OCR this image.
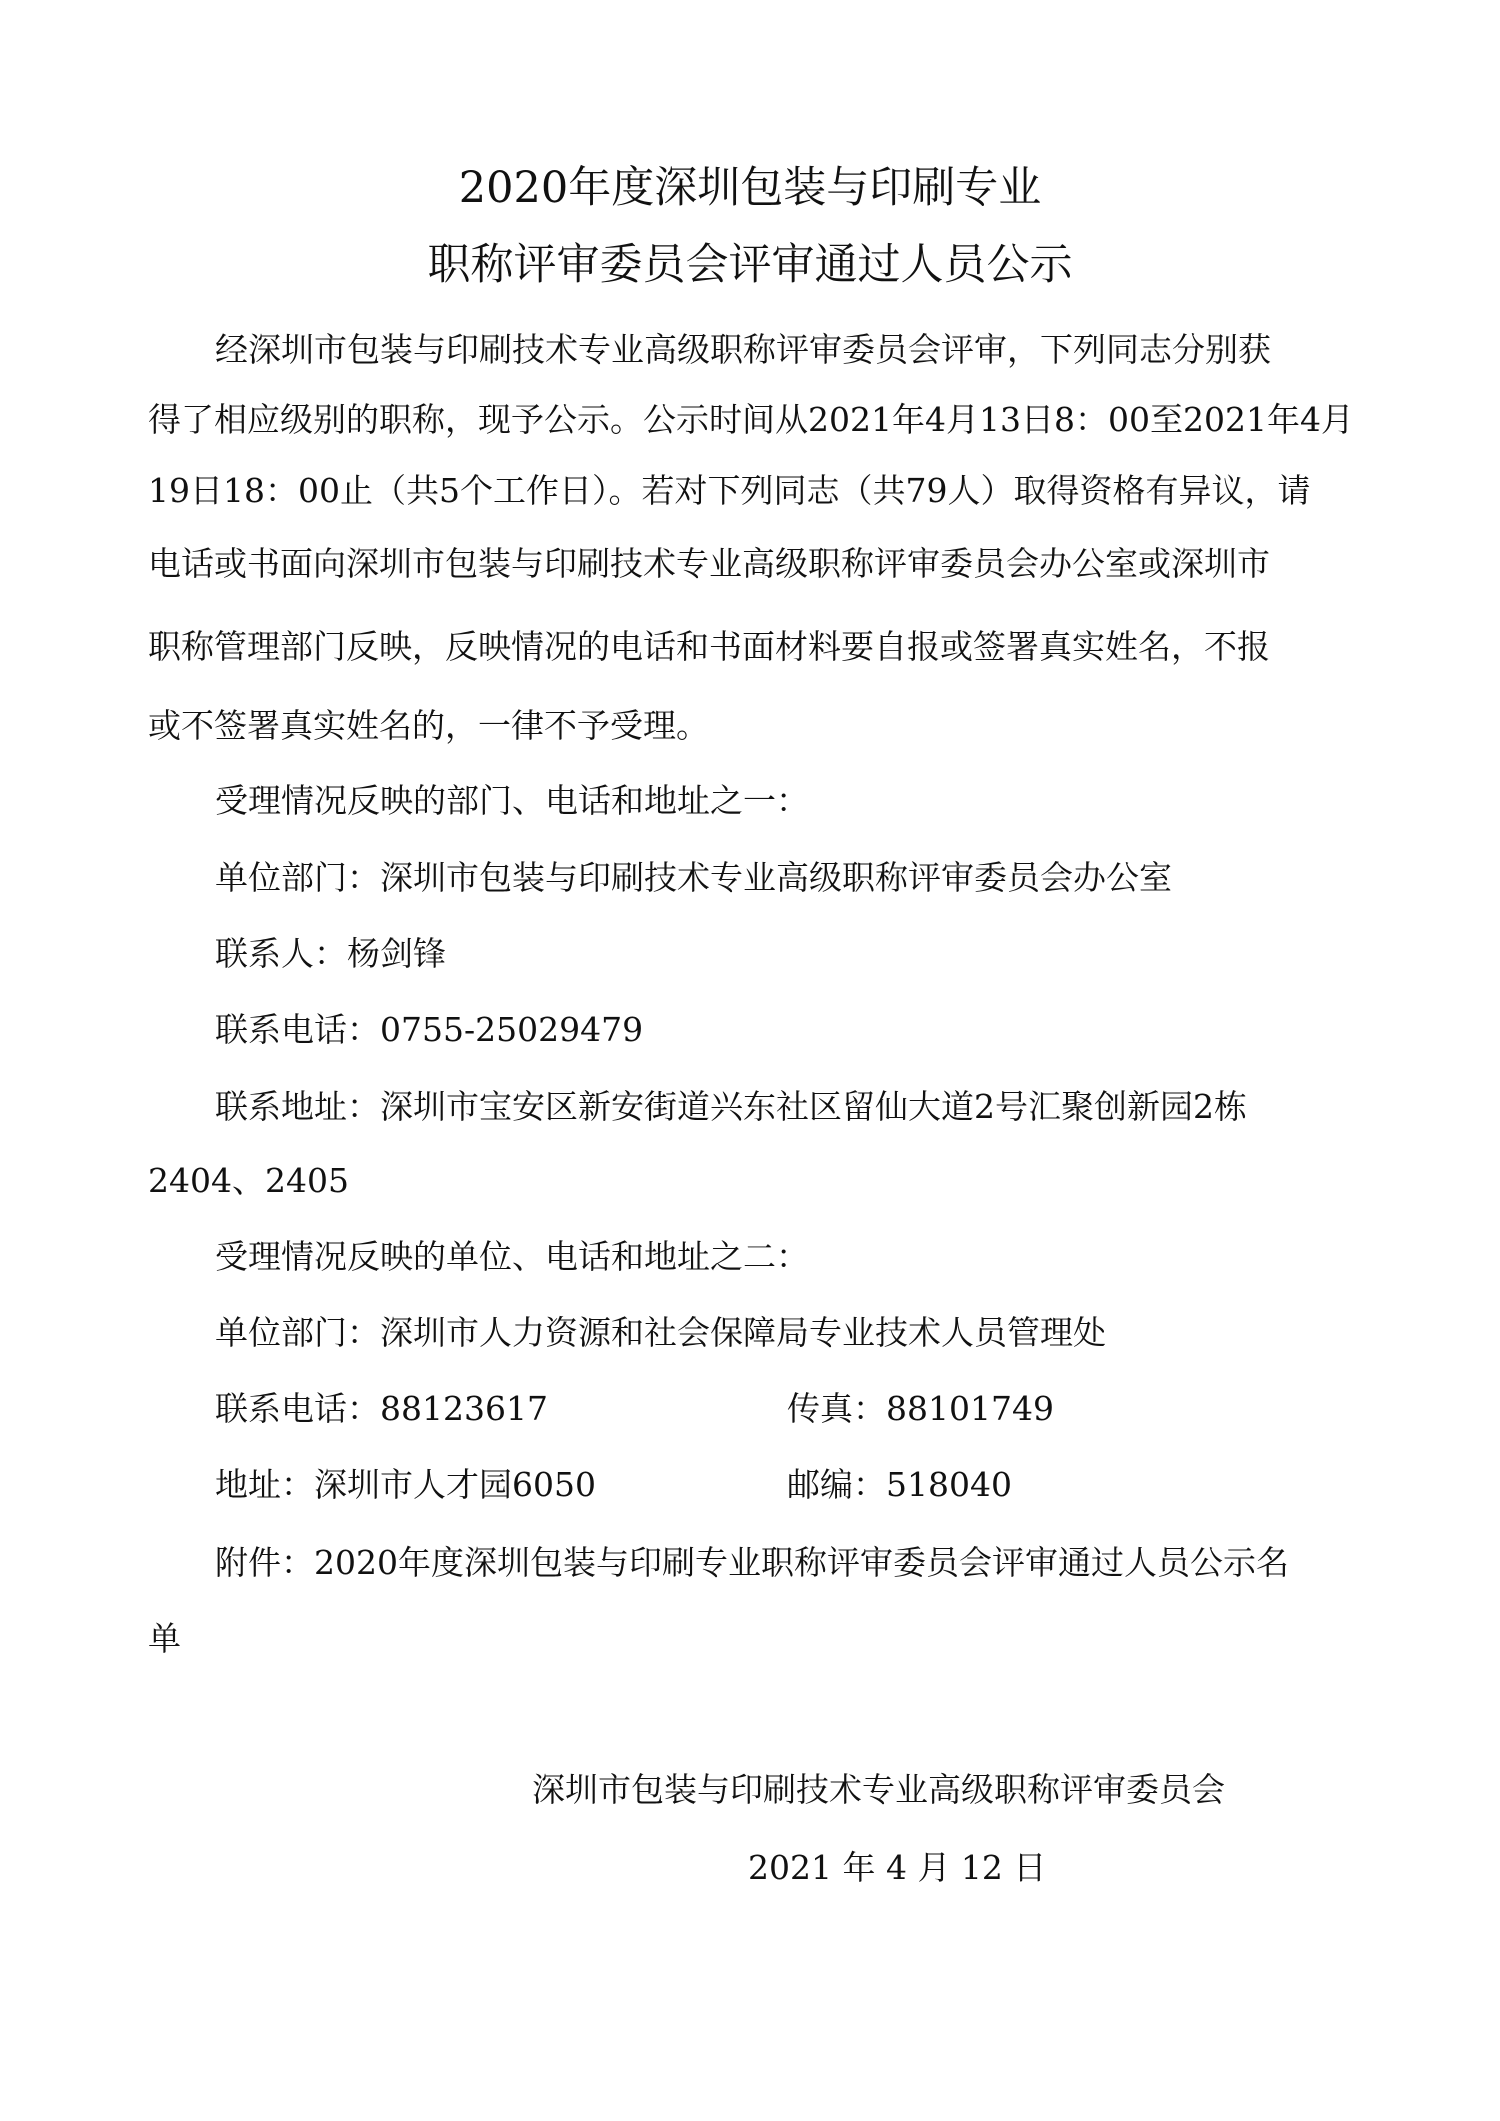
2020年度深圳包装与印刷专业
职称评审委员会评审通过人员公示
经深圳市包装与印刷技术专业高级职称评审委员会评审，下列同志分别获
得了相应级别的职称，现予公示。公示时间从2021年4月13日8：00至2021年4月
19日18：00止（共5个工作日）。若对下列同志（共79人）取得资格有异议，请
电话或书面向深圳市包装与印刷技术专业高级职称评审委员会办公室或深圳市
职称管理部门反映，反映情况的电话和书面材料要自报或签署真实姓名，不报
或不签署真实姓名的，一律不予受理。
受理情况反映的部门、电话和地址之一：
单位部门：深圳市包装与印刷技术专业高级职称评审委员会办公室
联系人：杨剑锋
联系电话：0755-25029479
联系地址：深圳市宝安区新安街道兴东社区留仙大道2号汇聚创新园2栋
2404、2405
受理情况反映的单位、电话和地址之二：
单位部门：深圳市人力资源和社会保障局专业技术人员管理处
联系电话：88123617	传真：88101749
地址：深圳市人才园6050	邮编：518040
附件：2020年度深圳包装与印刷专业职称评审委员会评审通过人员公示名
单
深圳市包装与印刷技术专业高级职称评审委员会
2021 年 4 月 12 日
